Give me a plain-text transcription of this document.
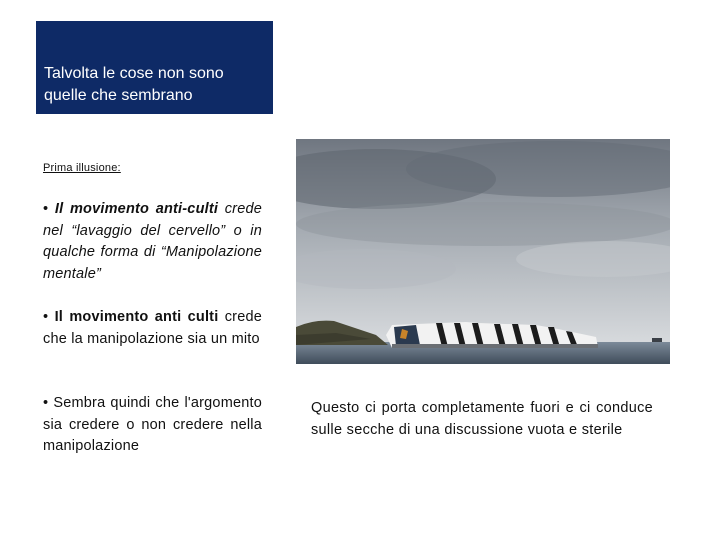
Talvolta le cose non sono
quelle che sembrano
Prima illusione:
• Il movimento anti-culti crede nel “lavaggio del cervello” o in qualche forma di “Manipolazione mentale”
• Il movimento anti culti crede che la manipolazione sia un mito
• Sembra quindi che l'argomento sia credere o non credere nella manipolazione
Questo ci porta completamente fuori e ci conduce sulle secche di una discussione vuota e sterile
